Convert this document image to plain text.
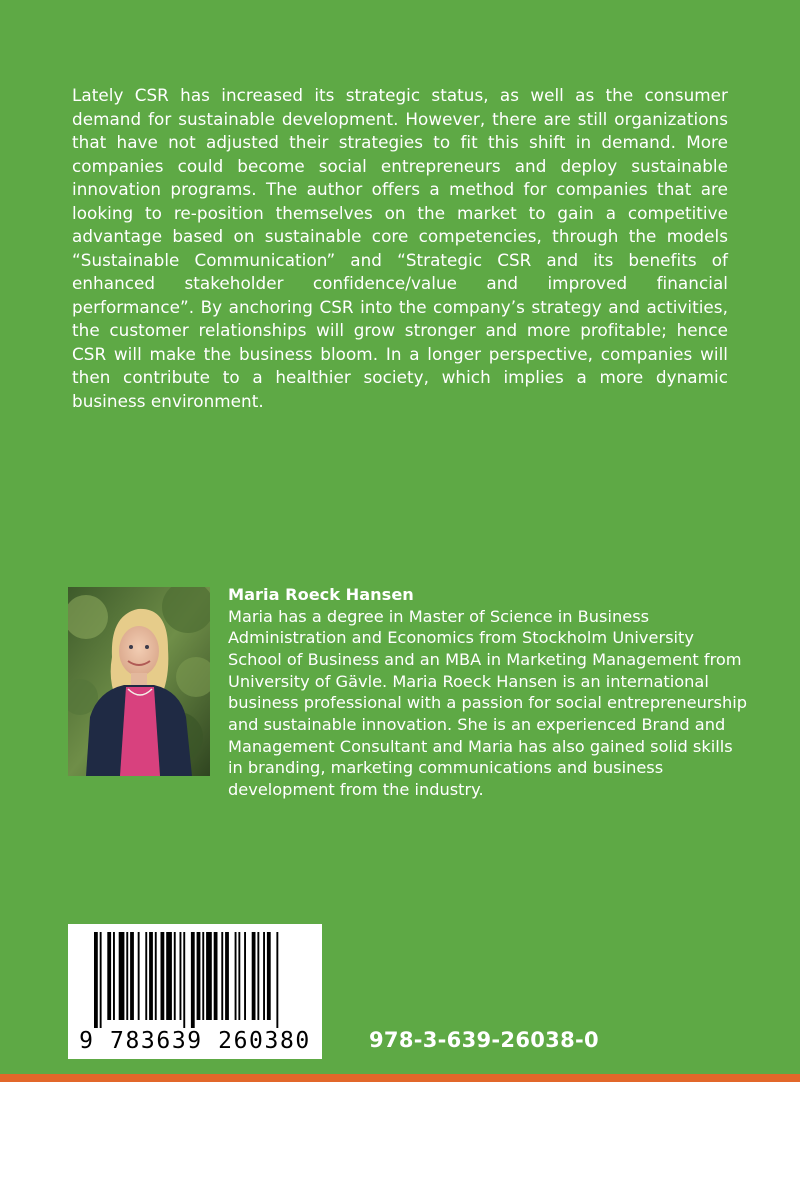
Lately CSR has increased its strategic status, as well as the consumer demand for sustainable development. However, there are still organizations that have not adjusted their strategies to fit this shift in demand. More companies could become social entrepreneurs and deploy sustainable innovation programs. The author offers a method for companies that are looking to re-position themselves on the market to gain a competitive advantage based on sustainable core competencies, through the models “Sustainable Communication” and “Strategic CSR and its benefits of enhanced stakeholder confidence/value and improved financial performance”. By anchoring CSR into the company’s strategy and activities, the customer relationships will grow stronger and more profitable; hence CSR will make the business bloom. In a longer perspective, companies will then contribute to a healthier society, which implies a more dynamic business environment.

Maria Roeck Hansen
Maria has a degree in Master of Science in Business Administration and Economics from Stockholm University School of Business and an MBA in Marketing Management from University of Gävle. Maria Roeck Hansen is an international business professional with a passion for social entrepreneurship and sustainable innovation. She is an experienced Brand and Management Consultant and Maria has also gained solid skills in branding, marketing communications and business development from the industry.
9 783639 260380	978-3-639-26038-0
